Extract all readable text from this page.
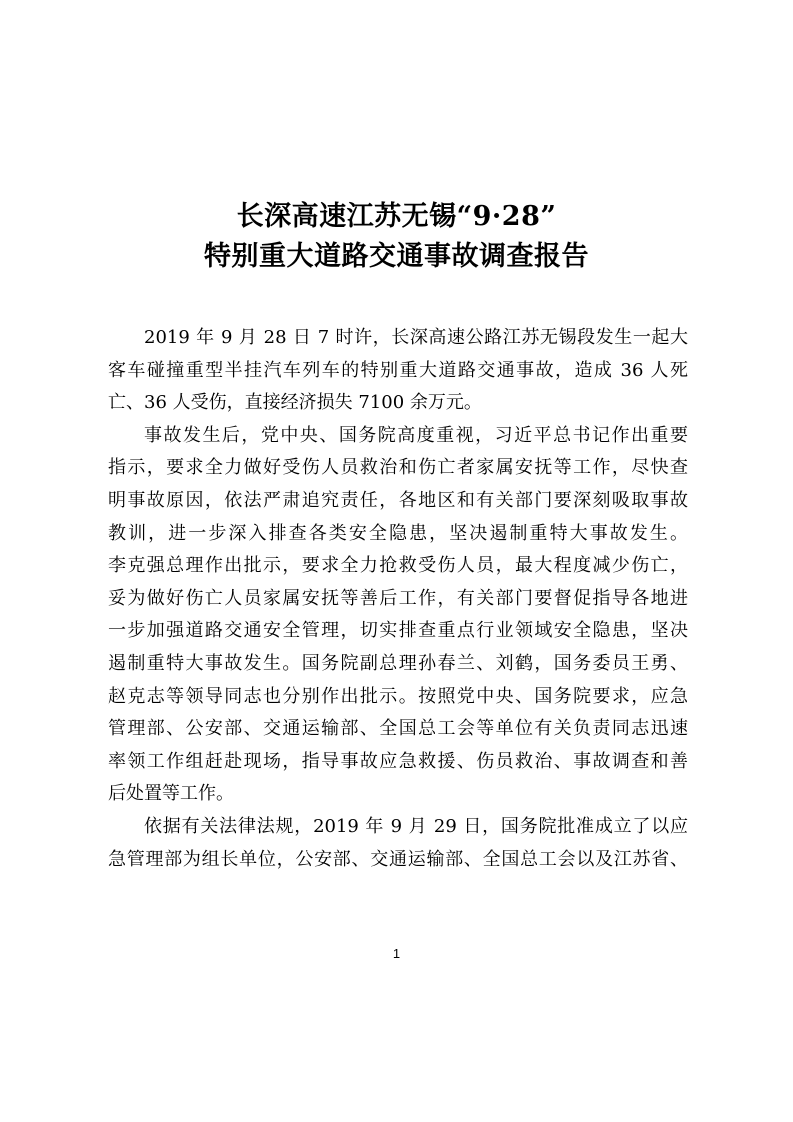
长深高速江苏无锡“9·28”
特别重大道路交通事故调查报告
2019 年 9 月 28 日 7 时许，长深高速公路江苏无锡段发生一起大
客车碰撞重型半挂汽车列车的特别重大道路交通事故，造成 36 人死
亡、36 人受伤，直接经济损失 7100 余万元。
事故发生后，党中央、国务院高度重视，习近平总书记作出重要
指示，要求全力做好受伤人员救治和伤亡者家属安抚等工作，尽快查
明事故原因，依法严肃追究责任，各地区和有关部门要深刻吸取事故
教训，进一步深入排查各类安全隐患，坚决遏制重特大事故发生。
李克强总理作出批示，要求全力抢救受伤人员，最大程度减少伤亡，
妥为做好伤亡人员家属安抚等善后工作，有关部门要督促指导各地进
一步加强道路交通安全管理，切实排查重点行业领域安全隐患，坚决
遏制重特大事故发生。国务院副总理孙春兰、刘鹤，国务委员王勇、
赵克志等领导同志也分别作出批示。按照党中央、国务院要求，应急
管理部、公安部、交通运输部、全国总工会等单位有关负责同志迅速
率领工作组赶赴现场，指导事故应急救援、伤员救治、事故调查和善
后处置等工作。
依据有关法律法规，2019 年 9 月 29 日，国务院批准成立了以应
急管理部为组长单位，公安部、交通运输部、全国总工会以及江苏省、
1
